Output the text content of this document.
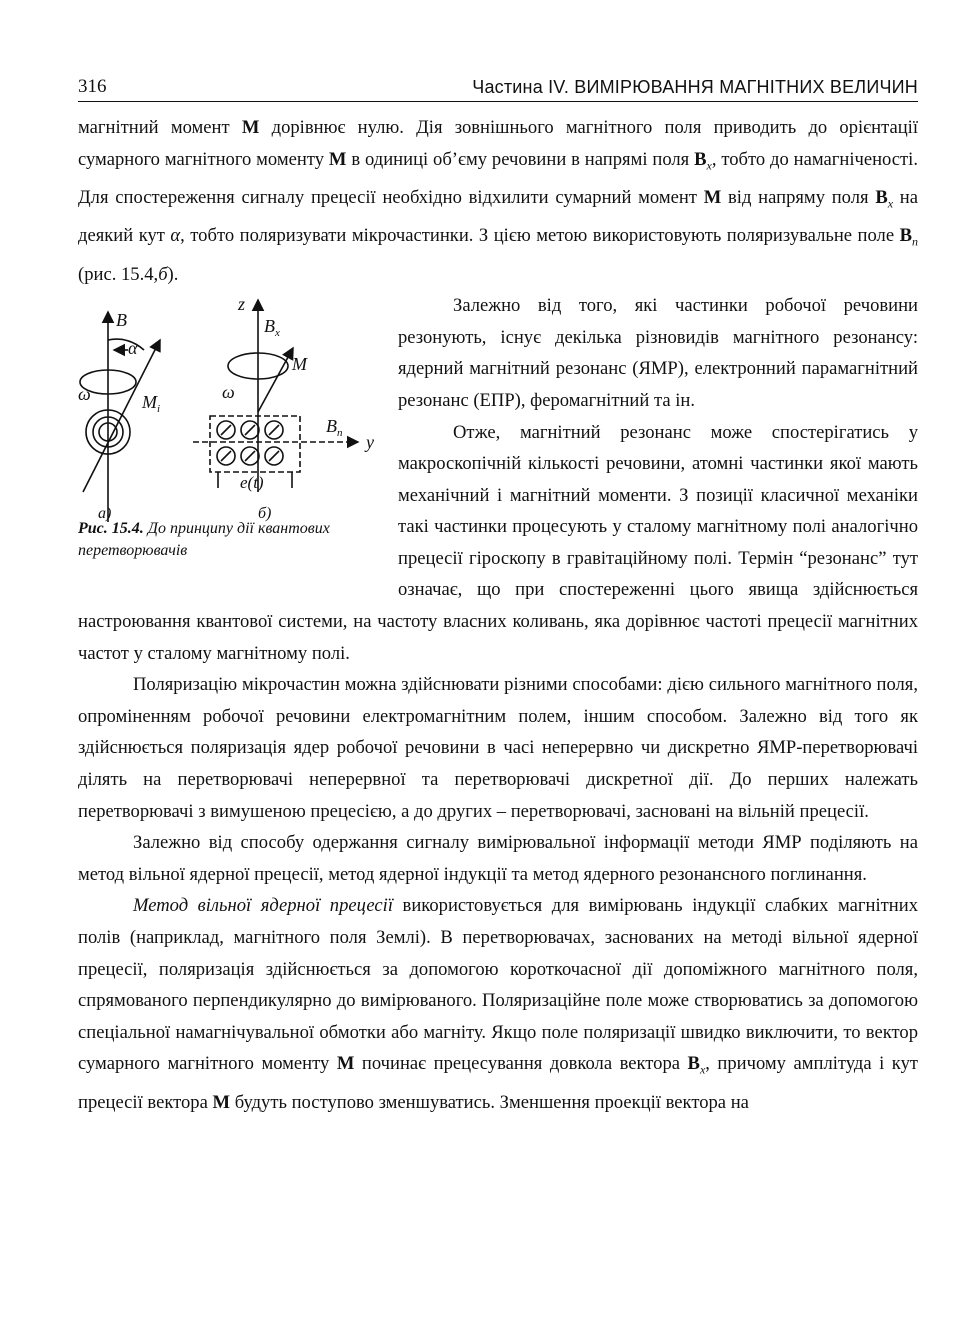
316	Частина IV. ВИМІРЮВАННЯ МАГНІТНИХ ВЕЛИЧИН

магнітний момент M дорівнює нулю. Дія зовнішнього магнітного поля приводить до орієнтації сумарного магнітного моменту M в одиниці об’єму речовини в напрямі поля $B_x$, тобто до намагніченості. Для спостереження сигналу прецесії необхідно відхилити сумарний момент M від напряму поля $B_x$ на деякий кут α, тобто поляризувати мікрочастинки. З цією метою використовують поляризувальне поле $B_n$ (рис. 15.4,б).

B
α
ω	$M_i$
а)
z
$B_x$
M
ω
$B_n$ y
e(t)
б)
Рис. 15.4. До принципу дії квантових перетворювачів

Залежно від того, які частинки робочої речовини резонують, існує декілька різновидів магнітного резонансу: ядерний магнітний резонанс (ЯМР), електронний парамагнітний резонанс (ЕПР), феромагнітний та ін.

Отже, магнітний резонанс може спостерігатись у макроскопічній кількості речовини, атомні частинки якої мають механічний і магнітний моменти. З позиції класичної механіки такі частинки процесують у сталому магнітному полі аналогічно прецесії гіроскопу в гравітаційному полі. Термін “резонанс” тут означає, що при спостереженні цього явища здійснюється настроювання квантової системи, на частоту власних коливань, яка дорівнює частоті прецесії магнітних частот у сталому магнітному полі.

Поляризацію мікрочастин можна здійснювати різними способами: дією сильного магнітного поля, опроміненням робочої речовини електромагнітним полем, іншим способом. Залежно від того як здійснюється поляризація ядер робочої речовини в часі неперервно чи дискретно ЯМР-перетворювачі ділять на перетворювачі неперервної та перетворювачі дискретної дії. До перших належать перетворювачі з вимушеною прецесією, а до других – перетворювачі, засновані на вільній прецесії.

Залежно від способу одержання сигналу вимірювальної інформації методи ЯМР поділяють на метод вільної ядерної прецесії, метод ядерної індукції та метод ядерного резонансного поглинання.

Метод вільної ядерної прецесії використовується для вимірювань індукції слабких магнітних полів (наприклад, магнітного поля Землі). В перетворювачах, заснованих на методі вільної ядерної прецесії, поляризація здійснюється за допомогою короткочасної дії допоміжного магнітного поля, спрямованого перпендикулярно до вимірюваного. Поляризаційне поле може створюватись за допомогою спеціальної намагнічувальної обмотки або магніту. Якщо поле поляризації швидко виключити, то вектор сумарного магнітного моменту M починає прецесування довкола вектора $B_x$, причому амплітуда і кут прецесії вектора M будуть поступово зменшуватись. Зменшення проекції вектора на
